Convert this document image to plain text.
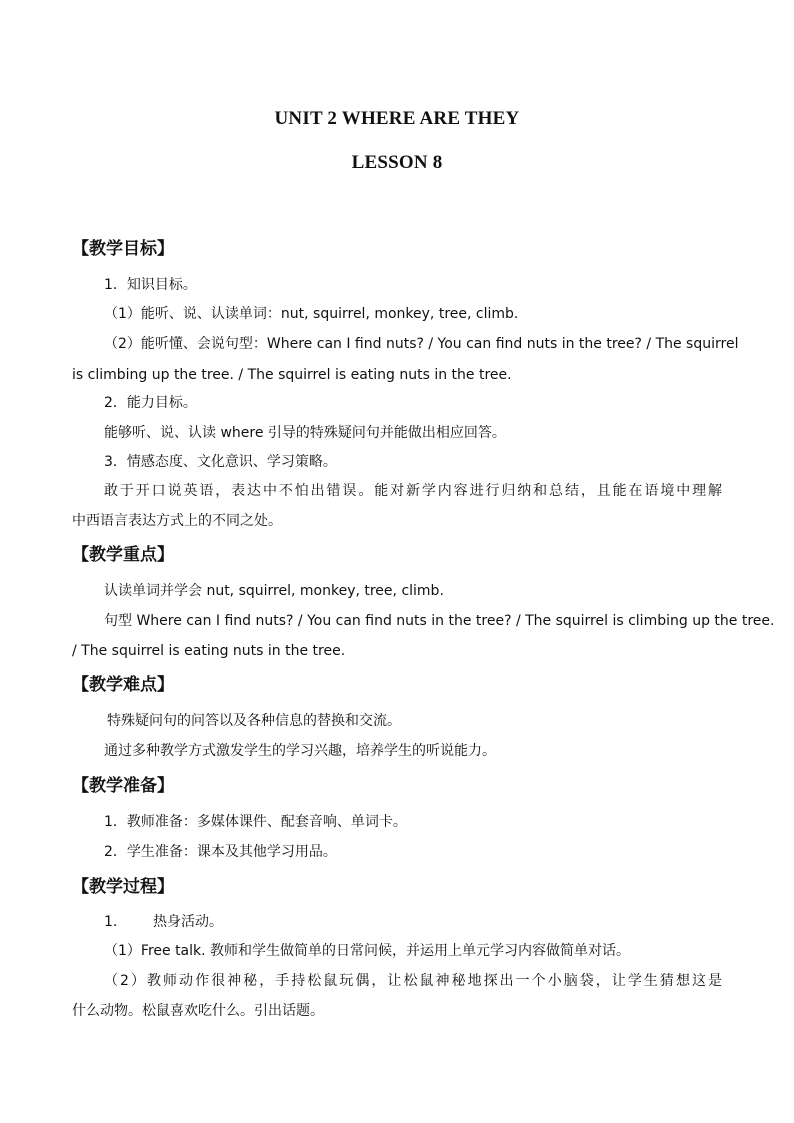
UNIT 2 WHERE ARE THEY
LESSON 8
【教学目标】
1．知识目标。
（1）能听、说、认读单词：nut, squirrel, monkey, tree, climb.
（2）能听懂、会说句型：Where can I find nuts? / You can find nuts in the tree? / The squirrel
is climbing up the tree. / The squirrel is eating nuts in the tree.
2．能力目标。
能够听、说、认读 where 引导的特殊疑问句并能做出相应回答。
3．情感态度、文化意识、学习策略。
敢于开口说英语，表达中不怕出错误。能对新学内容进行归纳和总结，且能在语境中理解
中西语言表达方式上的不同之处。
【教学重点】
认读单词并学会 nut, squirrel, monkey, tree, climb.
句型 Where can I find nuts? / You can find nuts in the tree? / The squirrel is climbing up the tree.
/ The squirrel is eating nuts in the tree.
【教学难点】
特殊疑问句的问答以及各种信息的替换和交流。
通过多种教学方式激发学生的学习兴趣，培养学生的听说能力。
【教学准备】
1．教师准备：多媒体课件、配套音响、单词卡。
2．学生准备：课本及其他学习用品。
【教学过程】
1.        热身活动。
（1）Free talk. 教师和学生做简单的日常问候，并运用上单元学习内容做简单对话。
（2）教师动作很神秘，手持松鼠玩偶，让松鼠神秘地探出一个小脑袋，让学生猜想这是
什么动物。松鼠喜欢吃什么。引出话题。
